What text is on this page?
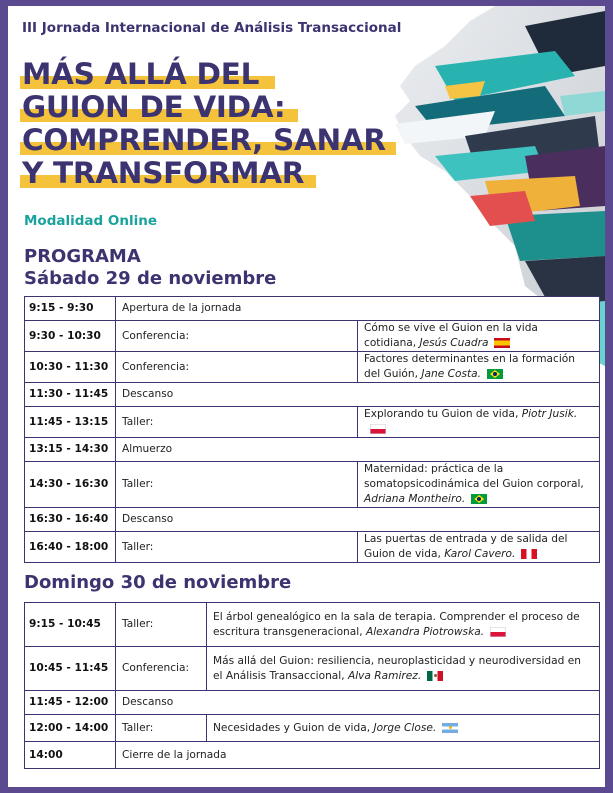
III Jornada Internacional de Análisis Transaccional
MÁS ALLÁ DEL
GUION DE VIDA:
COMPRENDER, SANAR
Y TRANSFORMAR
Modalidad Online
PROGRAMA
Sábado 29 de noviembre
9:15 - 9:30	Apertura de la jornada	
9:30 - 10:30	Conferencia:	Cómo se vive el Guion en la vida cotidiana, Jesús Cuadra
10:30 - 11:30	Conferencia:	Factores determinantes en la formación del Guión, Jane Costa.
11:30 - 11:45	Descanso	
11:45 - 13:15	Taller:	Explorando tu Guion de vida, Piotr Jusik.
13:15 - 14:30	Almuerzo	
14:30 - 16:30	Taller:	Maternidad: práctica de la somatopsicodinámica del Guion corporal, Adriana Montheiro.
16:30 - 16:40	Descanso	
16:40 - 18:00	Taller:	Las puertas de entrada y de salida del Guion de vida, Karol Cavero.
Domingo 30 de noviembre
9:15 - 10:45	Taller:	El árbol genealógico en la sala de terapia. Comprender el proceso de escritura transgeneracional, Alexandra Piotrowska.
10:45 - 11:45	Conferencia:	Más allá del Guion: resiliencia, neuroplasticidad y neurodiversidad en el Análisis Transaccional, Alva Ramirez.
11:45 - 12:00	Descanso	
12:00 - 14:00	Taller:	Necesidades y Guion de vida, Jorge Close.
14:00	Cierre de la jornada	
